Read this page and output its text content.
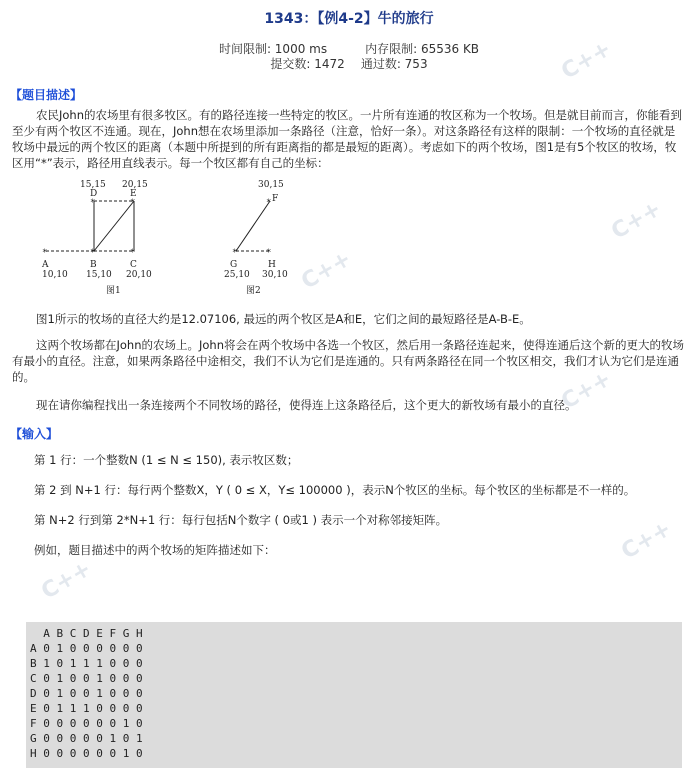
C++
C++
C++
C++
C++
C++
1343：【例4-2】牛的旅行
时间限制: 1000 ms	内存限制: 65536 KB
提交数: 1472 通过数: 753
【题目描述】
农民John的农场里有很多牧区。有的路径连接一些特定的牧区。一片所有连通的牧区称为一个牧场。但是就目前而言，你能看到至少有两个牧区不连通。现在，John想在农场里添加一条路径（注意，恰好一条）。对这条路径有这样的限制：一个牧场的直径就是牧场中最远的两个牧区的距离（本题中所提到的所有距离指的都是最短的距离）。考虑如下的两个牧场，图1是有5个牧区的牧场，牧区用“*”表示，路径用直线表示。每一个牧区都有自己的坐标：
*	*	*
*	*	*
*	*
15,15
D
20,15
E
A
10,10
B
15,10
C
20,10
30,15
F
G
25,10
H
30,10
图1	图2
图1所示的牧场的直径大约是12.07106, 最远的两个牧区是A和E，它们之间的最短路径是A-B-E。
这两个牧场都在John的农场上。John将会在两个牧场中各选一个牧区，然后用一条路径连起来，使得连通后这个新的更大的牧场有最小的直径。注意，如果两条路径中途相交，我们不认为它们是连通的。只有两条路径在同一个牧区相交，我们才认为它们是连通的。
现在请你编程找出一条连接两个不同牧场的路径，使得连上这条路径后，这个更大的新牧场有最小的直径。
【输入】
第 1 行：一个整数N (1 ≤ N ≤ 150), 表示牧区数；
第 2 到 N+1 行：每行两个整数X，Y ( 0 ≤ X，Y≤ 100000 )，表示N个牧区的坐标。每个牧区的坐标都是不一样的。
第 N+2 行到第 2*N+1 行：每行包括N个数字 ( 0或1 ) 表示一个对称邻接矩阵。
例如，题目描述中的两个牧场的矩阵描述如下：
A B C D E F G H
A 0 1 0 0 0 0 0 0
B 1 0 1 1 1 0 0 0
C 0 1 0 0 1 0 0 0
D 0 1 0 0 1 0 0 0
E 0 1 1 1 0 0 0 0
F 0 0 0 0 0 0 1 0
G 0 0 0 0 0 1 0 1
H 0 0 0 0 0 0 1 0
